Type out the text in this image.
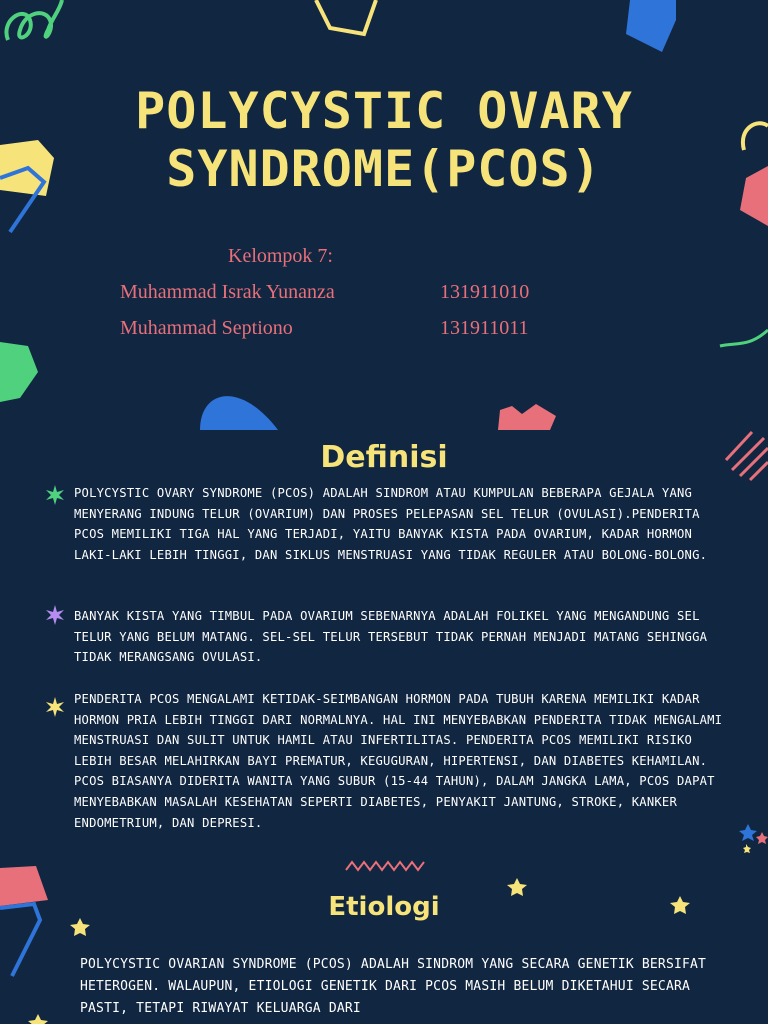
POLYCYSTIC OVARY
SYNDROME(PCOS)
Kelompok 7:
Muhammad Israk Yunanza	131911010
Muhammad Septiono	131911011
Definisi
POLYCYSTIC OVARY SYNDROME (PCOS) ADALAH SINDROM ATAU KUMPULAN BEBERAPA GEJALA YANG MENYERANG INDUNG TELUR (OVARIUM) DAN PROSES PELEPASAN SEL TELUR (OVULASI).PENDERITA PCOS MEMILIKI TIGA HAL YANG TERJADI, YAITU BANYAK KISTA PADA OVARIUM, KADAR HORMON LAKI-LAKI LEBIH TINGGI, DAN SIKLUS MENSTRUASI YANG TIDAK REGULER ATAU BOLONG-BOLONG.
BANYAK KISTA YANG TIMBUL PADA OVARIUM SEBENARNYA ADALAH FOLIKEL YANG MENGANDUNG SEL TELUR YANG BELUM MATANG. SEL-SEL TELUR TERSEBUT TIDAK PERNAH MENJADI MATANG SEHINGGA TIDAK MERANGSANG OVULASI.
PENDERITA PCOS MENGALAMI KETIDAK-SEIMBANGAN HORMON PADA TUBUH KARENA MEMILIKI KADAR HORMON PRIA LEBIH TINGGI DARI NORMALNYA. HAL INI MENYEBABKAN PENDERITA TIDAK MENGALAMI MENSTRUASI DAN SULIT UNTUK HAMIL ATAU INFERTILITAS. PENDERITA PCOS MEMILIKI RISIKO LEBIH BESAR MELAHIRKAN BAYI PREMATUR, KEGUGURAN, HIPERTENSI, DAN DIABETES KEHAMILAN.
PCOS BIASANYA DIDERITA WANITA YANG SUBUR (15-44 TAHUN), DALAM JANGKA LAMA, PCOS DAPAT MENYEBABKAN MASALAH KESEHATAN SEPERTI DIABETES, PENYAKIT JANTUNG, STROKE, KANKER ENDOMETRIUM, DAN DEPRESI.
Etiologi
POLYCYSTIC OVARIAN SYNDROME (PCOS) ADALAH SINDROM YANG SECARA GENETIK BERSIFAT HETEROGEN. WALAUPUN, ETIOLOGI GENETIK DARI PCOS MASIH BELUM DIKETAHUI SECARA PASTI, TETAPI RIWAYAT KELUARGA DARI
